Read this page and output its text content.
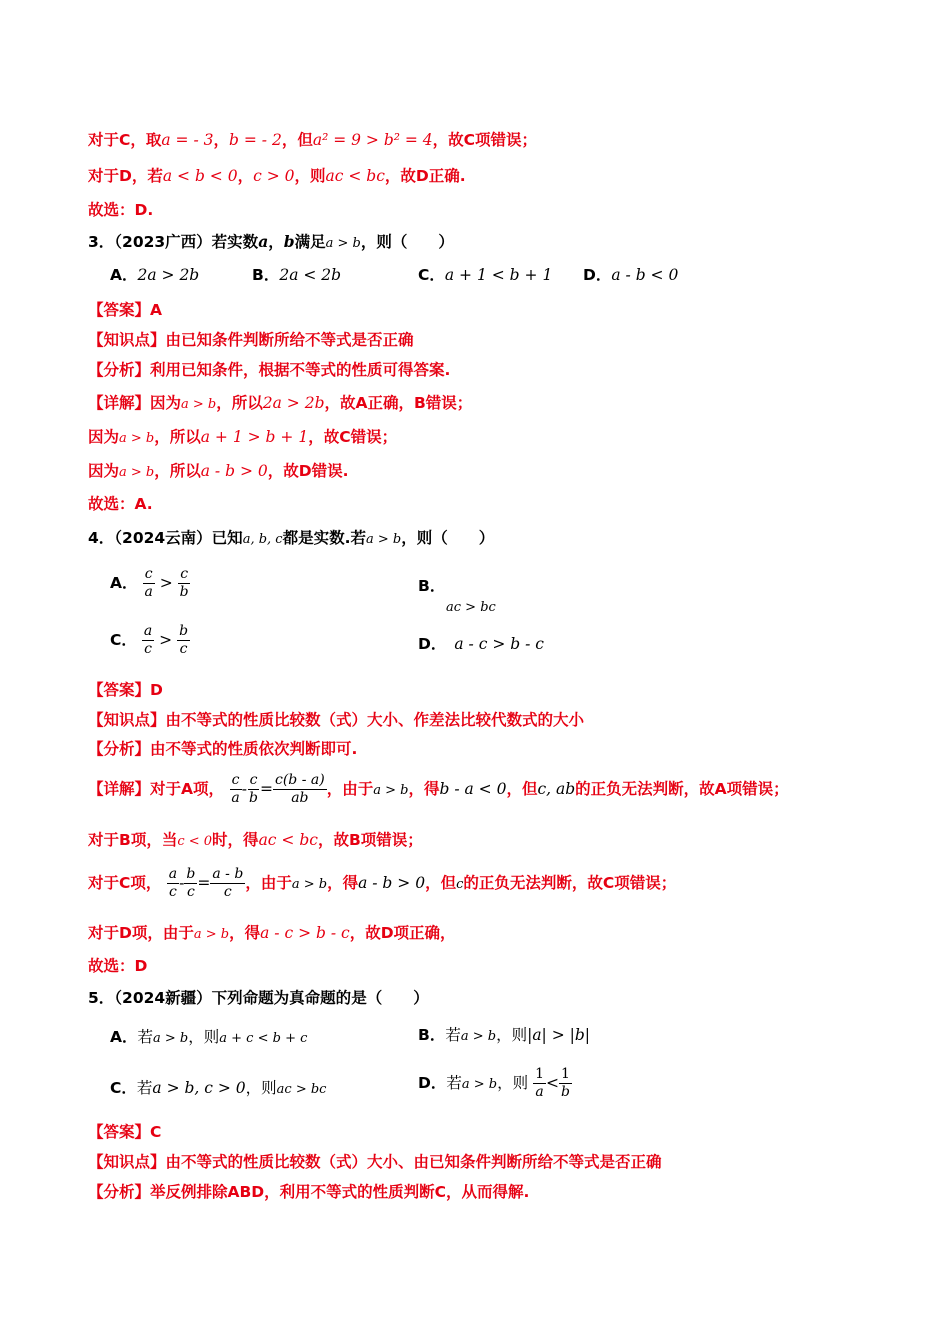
对于C，取a = - 3，b = - 2，但a² = 9 > b² = 4，故C项错误；
对于D，若a < b < 0，c > 0，则ac < bc，故D正确.
故选：D.
3．（2023广西）若实数a，b满足a > b，则（　　）
A．2a > 2b	B．2a < 2b	C．a + 1 < b + 1 D．a - b < 0
【答案】A
【知识点】由已知条件判断所给不等式是否正确
【分析】利用已知条件，根据不等式的性质可得答案.
【详解】因为a > b，所以2a > 2b，故A正确，B错误；
因为a > b，所以a + 1 > b + 1，故C错误；
因为a > b，所以a - b > 0，故D错误.
故选：A.
4．（2024云南）已知a, b, c都是实数.若a > b，则（　　）
A． $\frac{c}{a} > \frac{c}{b}$	B．
ac > bc
C． $\frac{a}{c} > \frac{b}{c}$	D． a - c > b - c
【答案】D
【知识点】由不等式的性质比较数（式）大小、作差法比较代数式的大小
【分析】由不等式的性质依次判断即可.
【详解】对于A项， $\frac{c}{a} - \frac{c}{b} = \frac{c(b - a)}{ab}$ ，由于a > b，得b - a < 0，但c, ab的正负无法判断，故A项错误；
对于B项，当c < 0时，得ac < bc，故B项错误；
对于C项， $\frac{a}{c} - \frac{b}{c} = \frac{a - b}{c}$ ，由于a > b，得a - b > 0，但c的正负无法判断，故C项错误；
对于D项，由于a > b，得a - c > b - c，故D项正确，
故选：D
5．（2024新疆）下列命题为真命题的是（　　）
A．若a > b，则a + c < b + c	B．若a > b，则|a| > |b|
C．若a > b, c > 0，则ac > bc	D．若a > b，则 $\frac{1}{a} < \frac{1}{b}$
【答案】C
【知识点】由不等式的性质比较数（式）大小、由已知条件判断所给不等式是否正确
【分析】举反例排除ABD，利用不等式的性质判断C，从而得解.
